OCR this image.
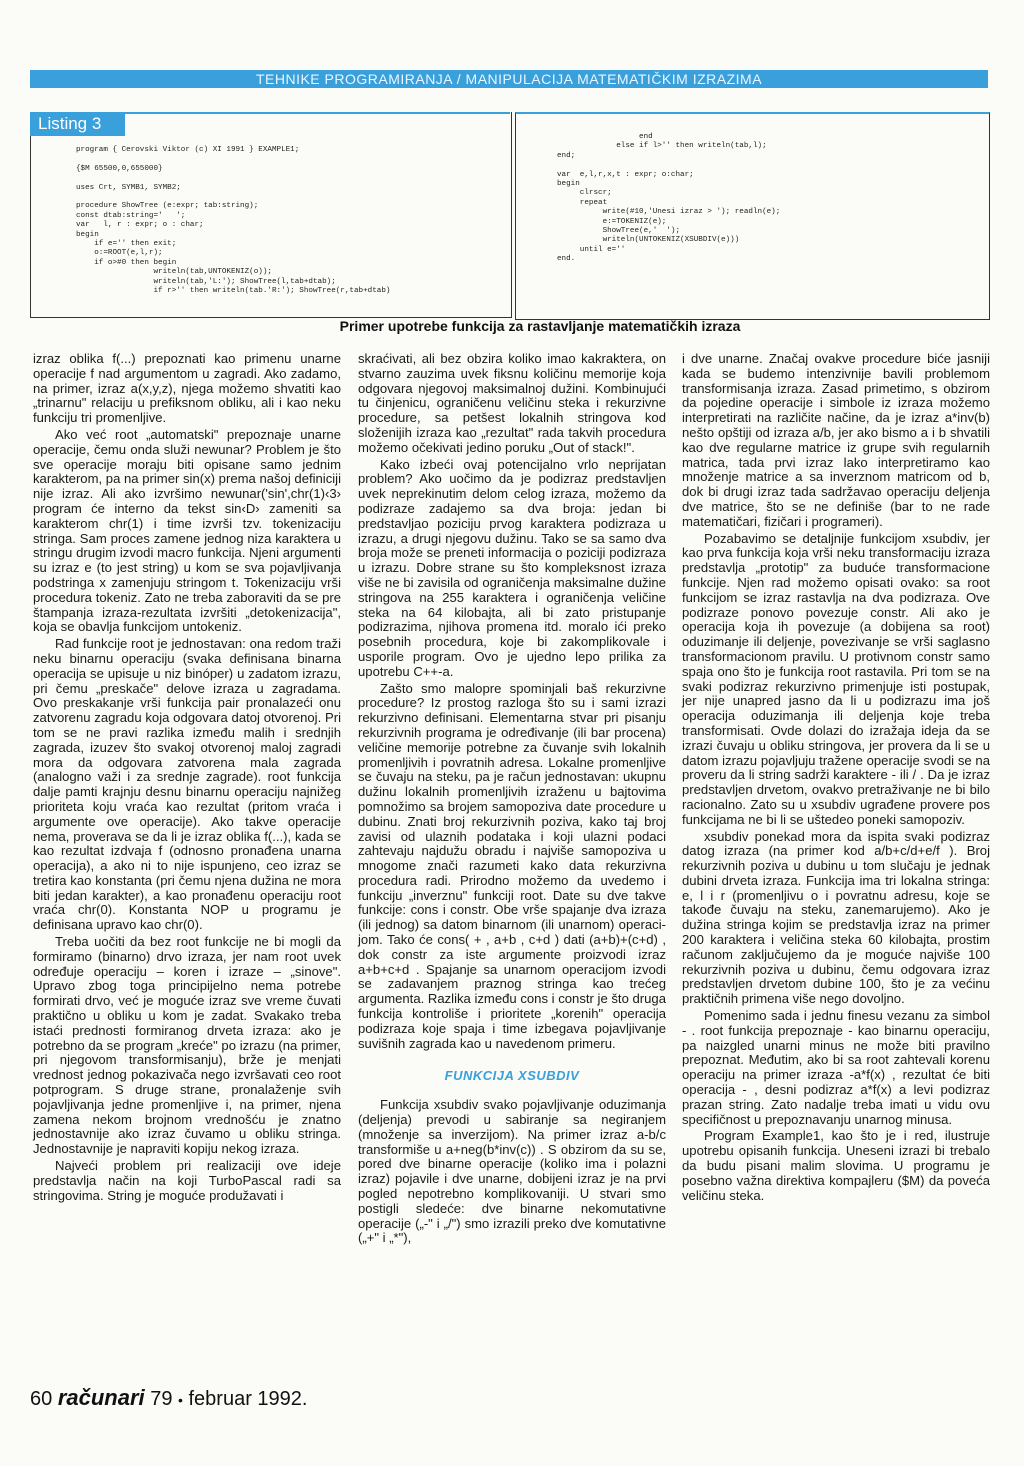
TEHNIKE PROGRAMIRANJA / MANIPULACIJA MATEMATIČKIM IZRAZIMA
Listing 3
program { Cerovski Viktor (c) XI 1991 } EXAMPLE1;

{$M 65500,0,655000}

uses Crt, SYMB1, SYMB2;

procedure ShowTree (e:expr; tab:string);
const dtab:string='   ';
var   l, r : expr; o : char;
begin
if e='' then exit;
o:=ROOT(e,l,r);
if o>#0 then begin
writeln(tab,UNTOKENIZ(o));
writeln(tab,'L:'); ShowTree(l,tab+dtab);
if r>'' then writeln(tab.'R:'); ShowTree(r,tab+dtab)
end
else if l>'' then writeln(tab,l);
end;

var  e,l,r,x,t : expr; o:char;
begin
clrscr;
repeat
write(#10,'Unesi izraz > '); readln(e);
e:=TOKENIZ(e);
ShowTree(e,'  ');
writeln(UNTOKENIZ(XSUBDIV(e)))
until e=''
end.
Primer upotrebe funkcija za rastavljanje matematičkih izraza

izraz oblika f(...) prepoznati kao primenu unarne operacije f nad argumentom u zagradi. Ako zadamo, na primer, izraz a(x,y,z), njega možemo shvatiti kao „trinarnu" relaciju u prefiksnom obliku, ali i kao neku funkciju tri promenljive.

Ako već root „automatski" prepoznaje unarne operacije, čemu onda služi newunar? Problem je što sve operacije moraju biti opisane samo jednim karakterom, pa na primer sin(x) prema našoj definiciji nije izraz. Ali ako izvršimo newunar('sin',chr(1)‹3› program će interno da tekst sin‹D› zameniti sa karakterom chr(1) i time izvrši tzv. tokenizaciju stringa. Sam proces zamene jednog niza karaktera u stringu drugim izvodi macro funkcija. Njeni argumenti su izraz e (to jest string) u kom se sva pojavljivanja podstringa x zamenjuju stringom t. Tokenizaciju vrši procedura tokeniz. Zato ne treba zaboraviti da se pre štampanja izraza-rezultata izvršiti „detokenizacija", koja se obavlja funkcijom untokeniz.

Rad funkcije root je jednostavan: ona redom traži neku binarnu operaciju (svaka definisana binarna operacija se upisuje u niz binóper) u zadatom izrazu, pri čemu „preskače" delove izraza u zagradama. Ovo preskakanje vrši funkcija pair pronalazeći onu zatvorenu zagradu koja odgovara datoj otvorenoj. Pri tom se ne pravi razlika između malih i srednjih zagrada, izuzev što svakoj otvorenoj maloj zagradi mora da odgovara zatvorena mala zagrada (analogno važi i za srednje zagrade). root funkcija dalje pamti krajnju desnu binarnu operaciju najnižeg prioriteta koju vraća kao rezultat (pritom vraća i argumente ove operacije). Ako takve operacije nema, proverava se da li je izraz oblika f(...), kada se kao rezultat izdvaja f (odnosno pronađena unarna operacija), a ako ni to nije ispunjeno, ceo izraz se tretira kao konstanta (pri čemu njena dužina ne mora biti jedan karakter), a kao pronađenu operaciju root vraća chr(0). Konstanta NOP u programu je definisana upravo kao chr(0).

Treba uočiti da bez root funkcije ne bi mogli da formiramo (binarno) drvo izraza, jer nam root uvek određuje operaciju – koren i izraze – „sinove". Upravo zbog toga principijelno nema potrebe formirati drvo, već je moguće izraz sve vreme čuvati praktično u obliku u kom je zadat. Svakako treba istaći prednosti formiranog drveta izraza: ako je potrebno da se program „kreće" po izrazu (na primer, pri njegovom transformisanju), brže je menjati vrednost jednog pokazivača nego izvršavati ceo root potprogram. S druge strane, pronalaženje svih pojavljivanja jedne promenljive i, na primer, njena zamena nekom brojnom vrednošću je znatno jednostavnije ako izraz čuvamo u obliku stringa. Jednostavnije je napraviti kopiju nekog izraza.

Najveći problem pri realizaciji ove ideje predstavlja način na koji TurboPascal radi sa stringovima. String je moguće produžavati i

skraćivati, ali bez obzira koliko imao kakraktera, on stvarno zauzima uvek fiksnu količinu memorije koja odgovara njegovoj maksimalnoj dužini. Kombinujući tu činjenicu, ograničenu veličinu steka i rekurzivne procedure, sa petšest lokalnih stringova kod složenijih izraza kao „rezultat" rada takvih procedura možemo očekivati jedino poruku „Out of stack!".

Kako izbeći ovaj potencijalno vrlo neprijatan problem? Ako uočimo da je podizraz predstavljen uvek neprekinutim delom celog izraza, možemo da podizraze zadajemo sa dva broja: jedan bi predstavljao poziciju prvog karaktera podizraza u izrazu, a drugi njegovu dužinu. Tako se sa samo dva broja može se preneti informacija o poziciji podizraza u izrazu. Dobre strane su što kompleksnost izraza više ne bi zavisila od ograničenja maksimalne dužine stringova na 255 karaktera i ograničenja veličine steka na 64 kilobajta, ali bi zato pristupanje podizrazima, njihova promena itd. moralo ići preko posebnih procedura, koje bi zakomplikovale i usporile program. Ovo je ujedno lepo prilika za upotrebu C++-a.

Zašto smo malopre spominjali baš rekurzivne procedure? Iz prostog razloga što su i sami izrazi rekurzivno definisani. Elementarna stvar pri pisanju rekurzivnih programa je određivanje (ili bar procena) veličine memorije potrebne za čuvanje svih lokalnih promenljivih i povratnih adresa. Lokalne promenljive se čuvaju na steku, pa je račun jednostavan: ukupnu dužinu lokalnih promenljivih izraženu u bajtovima pomnožimo sa brojem samopoziva date procedure u dubinu. Znati broj rekurzivnih poziva, kako taj broj zavisi od ulaznih podataka i koji ulazni podaci zahtevaju najdužu obradu i najviše samopoziva u mnogome znači razumeti kako data rekurzivna procedura radi. Prirodno možemo da uvedemo i funkciju „inverznu" funkciji root. Date su dve takve funkcije: cons i constr. Obe vrše spajanje dva izraza (ili jednog) sa datom binarnom (ili unarnom) operacijom. Tako će cons( + , a+b , c+d ) dati (a+b)+(c+d) , dok constr za iste argumente proizvodi izraz a+b+c+d . Spajanje sa unarnom operacijom izvodi se zadavanjem praznog stringa kao trećeg argumenta. Razlika između cons i constr je što druga funkcija kontroliše i prioritete „korenih" operacija podizraza koje spaja i time izbegava pojavljivanje suvišnih zagrada kao u navedenom primeru.

FUNKCIJA XSUBDIV

Funkcija xsubdiv svako pojavljivanje oduzimanja (deljenja) prevodi u sabiranje sa negiranjem (množenje sa inverzijom). Na primer izraz a-b/c transformiše u a+neg(b*inv(c)) . S obzirom da su se, pored dve binarne operacije (koliko ima i polazni izraz) pojavile i dve unarne, dobijeni izraz je na prvi pogled nepotrebno komplikovaniji. U stvari smo postigli sledeće: dve binarne nekomutativne operacije („-" i „/") smo izrazili preko dve komutativne („+" i „*"),

i dve unarne. Značaj ovakve procedure biće jasniji kada se budemo intenzivnije bavili problemom transformisanja izraza. Zasad primetimo, s obzirom da pojedine operacije i simbole iz izraza možemo interpretirati na različite načine, da je izraz a*inv(b) nešto opštiji od izraza a/b, jer ako bismo a i b shvatili kao dve regularne matrice iz grupe svih regularnih matrica, tada prvi izraz lako interpretiramo kao množenje matrice a sa inverznom matricom od b, dok bi drugi izraz tada sadržavao operaciju deljenja dve matrice, što se ne definiše (bar to ne rade matematičari, fizičari i programeri).

Pozabavimo se detaljnije funkcijom xsubdiv, jer kao prva funkcija koja vrši neku transformaciju izraza predstavlja „prototip" za buduće transformacione funkcije. Njen rad možemo opisati ovako: sa root funkcijom se izraz rastavlja na dva podizraza. Ove podizraze ponovo povezuje constr. Ali ako je operacija koja ih povezuje (a dobijena sa root) oduzimanje ili deljenje, povezivanje se vrši saglasno transformacionom pravilu. U protivnom constr samo spaja ono što je funkcija root rastavila. Pri tom se na svaki podizraz rekurzivno primenjuje isti postupak, jer nije unapred jasno da li u podizrazu ima još operacija oduzimanja ili deljenja koje treba transformisati. Ovde dolazi do izražaja ideja da se izrazi čuvaju u obliku stringova, jer provera da li se u datom izrazu pojavljuju tražene operacije svodi se na proveru da li string sadrži karaktere - ili / . Da je izraz predstavljen drvetom, ovakvo pretraživanje ne bi bilo racionalno. Zato su u xsubdiv ugrađene provere pos funkcijama ne bi li se uštedeo poneki samopoziv.

xsubdiv ponekad mora da ispita svaki podizraz datog izraza (na primer kod a/b+c/d+e/f ). Broj rekurzivnih poziva u dubinu u tom slučaju je jednak dubini drveta izraza. Funkcija ima tri lokalna stringa: e, l i r (promenljivu o i povratnu adresu, koje se takođe čuvaju na steku, zanemarujemo). Ako je dužina stringa kojim se predstavlja izraz na primer 200 karaktera i veličina steka 60 kilobajta, prostim računom zaključujemo da je moguće najviše 100 rekurzivnih poziva u dubinu, čemu odgovara izraz predstavljen drvetom dubine 100, što je za većinu praktičnih primena više nego dovoljno.

Pomenimo sada i jednu finesu vezanu za simbol - . root funkcija prepoznaje - kao binarnu operaciju, pa naizgled unarni minus ne može biti pravilno prepoznat. Međutim, ako bi sa root zahtevali korenu operaciju na primer izraza -a*f(x) , rezultat će biti operacija - , desni podizraz a*f(x) a levi podizraz prazan string. Zato nadalje treba imati u vidu ovu specifičnost u prepoznavanju unarnog minusa.

Program Example1, kao što je i red, ilustruje upotrebu opisanih funkcija. Uneseni izrazi bi trebalo da budu pisani malim slovima. U programu je posebno važna direktiva kompajleru ($M) da poveća veličinu steka.

60 računari 79 • februar 1992.
